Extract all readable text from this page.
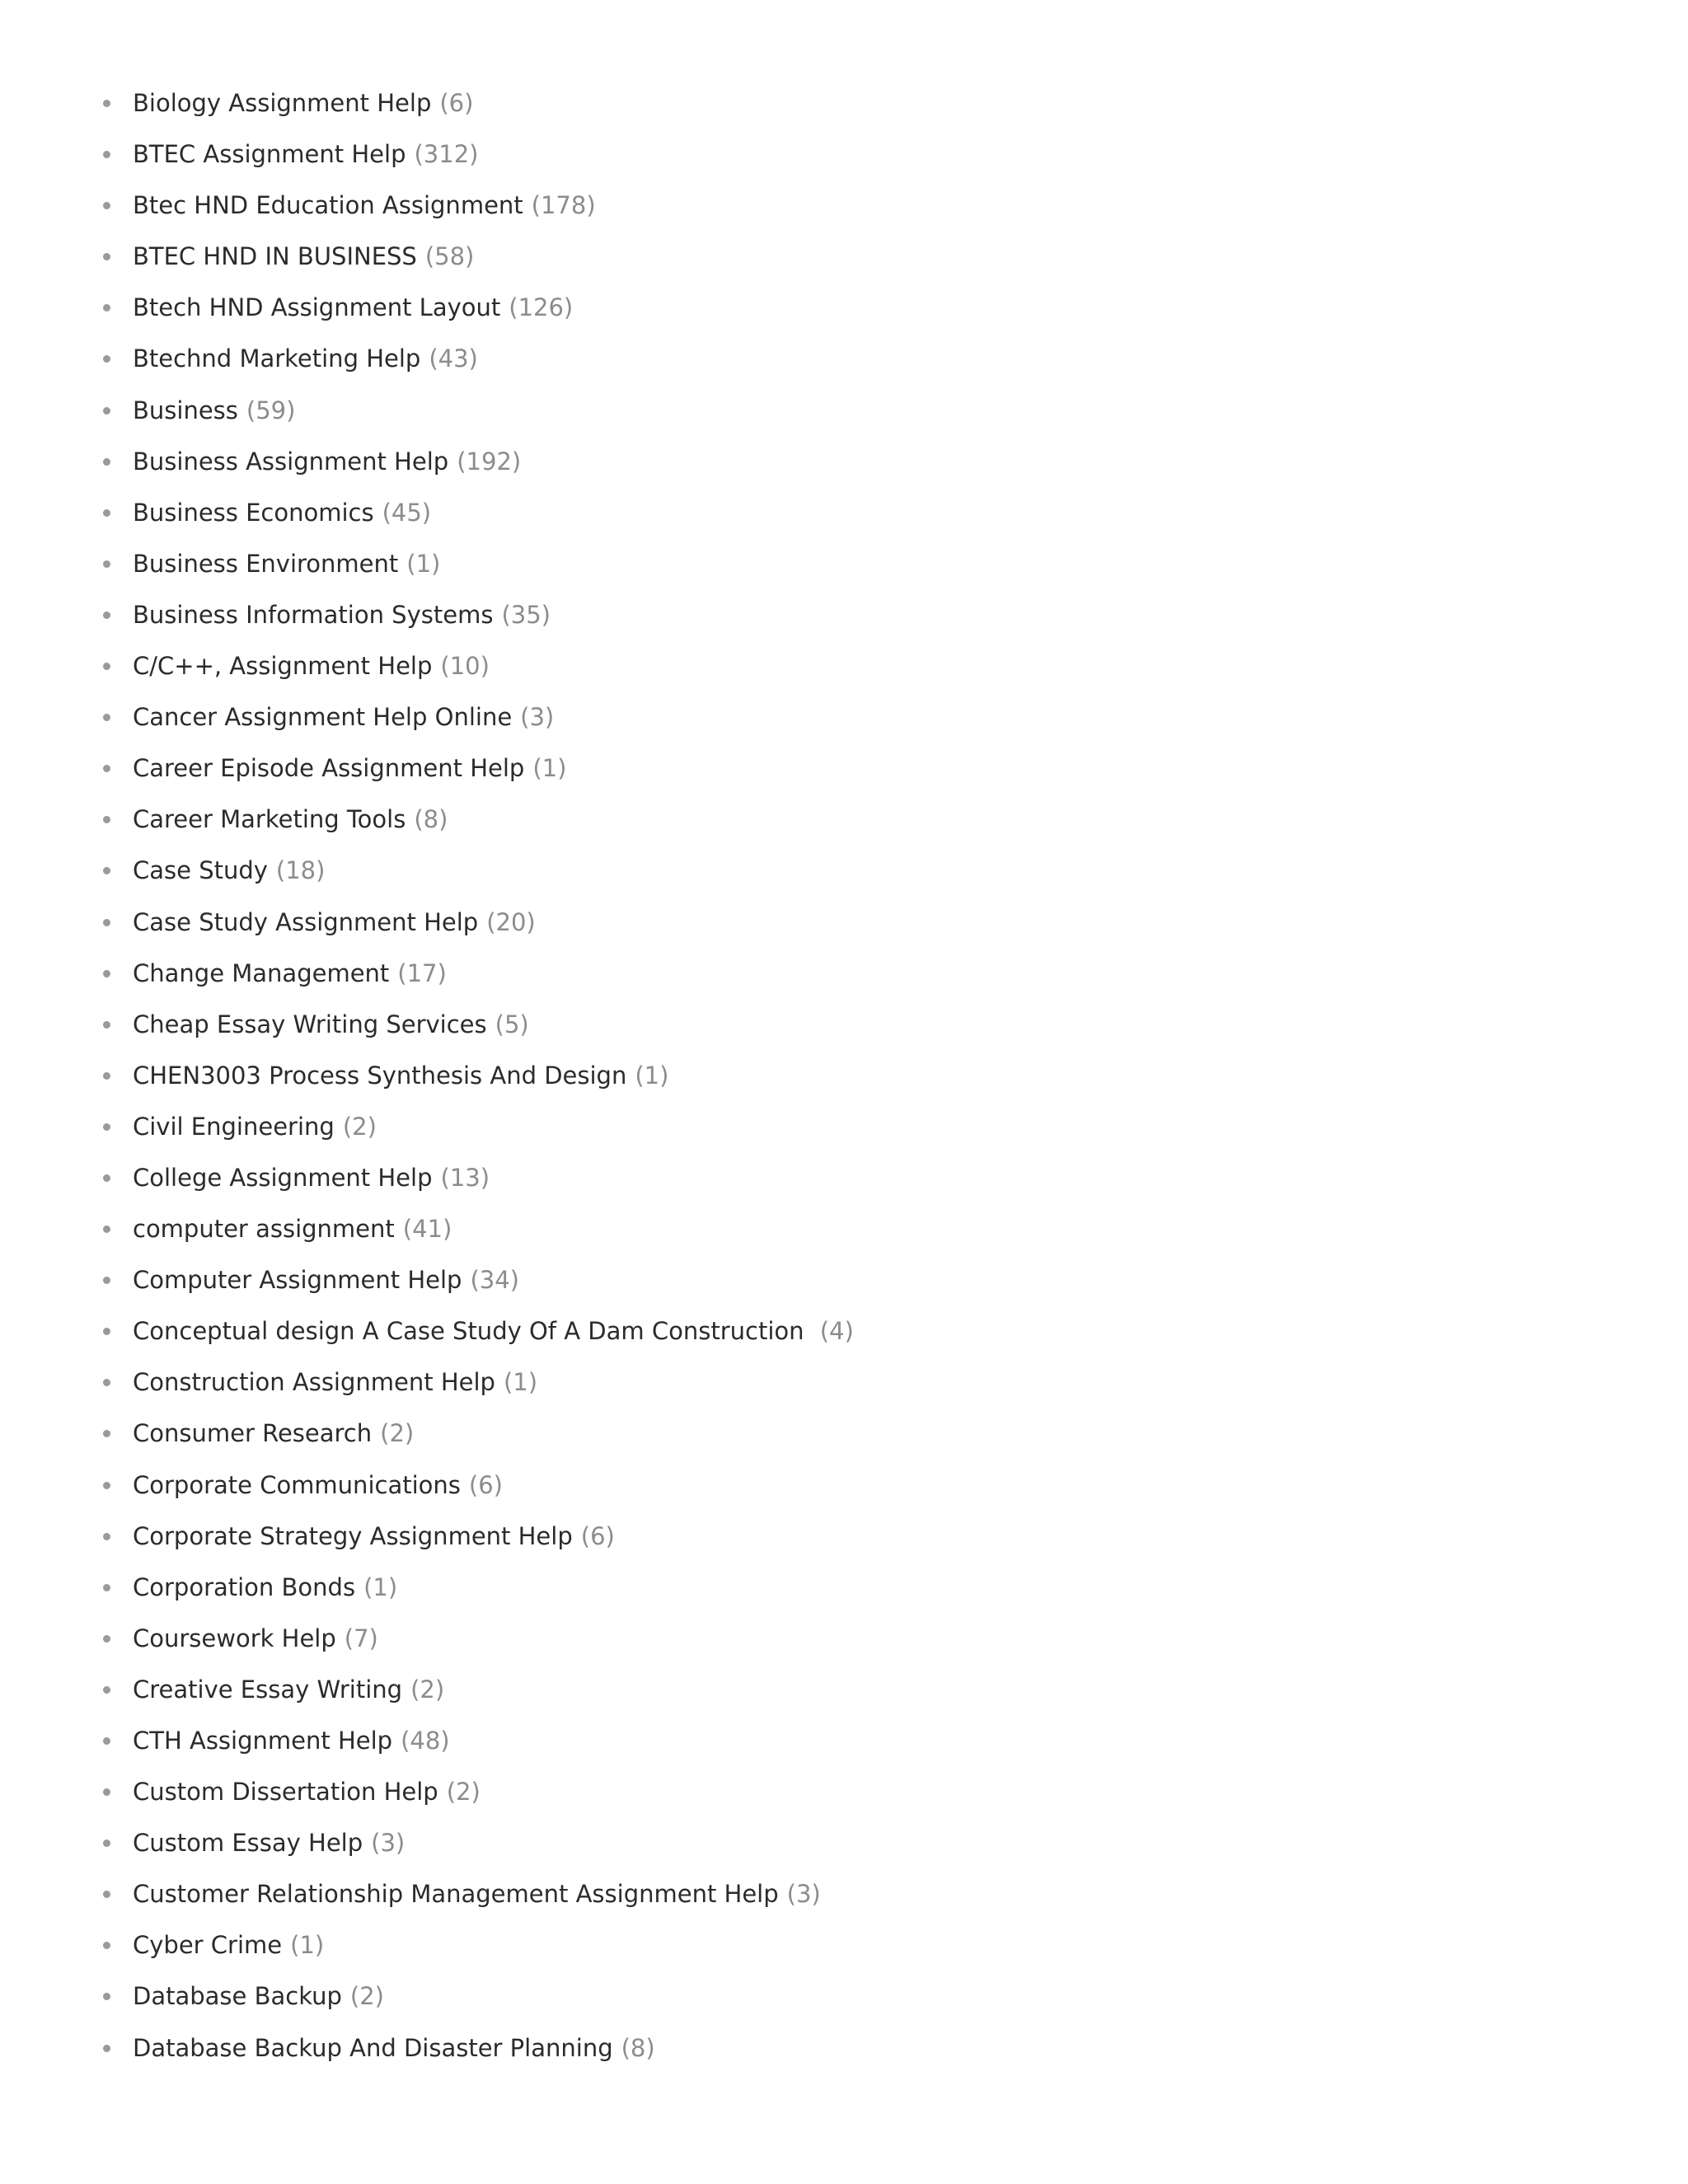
Biology Assignment Help (6)
BTEC Assignment Help (312)
Btec HND Education Assignment (178)
BTEC HND IN BUSINESS (58)
Btech HND Assignment Layout (126)
Btechnd Marketing Help (43)
Business (59)
Business Assignment Help (192)
Business Economics (45)
Business Environment (1)
Business Information Systems (35)
C/C++, Assignment Help (10)
Cancer Assignment Help Online (3)
Career Episode Assignment Help (1)
Career Marketing Tools (8)
Case Study (18)
Case Study Assignment Help (20)
Change Management (17)
Cheap Essay Writing Services (5)
CHEN3003 Process Synthesis And Design (1)
Civil Engineering (2)
College Assignment Help (13)
computer assignment (41)
Computer Assignment Help (34)
Conceptual design A Case Study Of A Dam Construction (4)
Construction Assignment Help (1)
Consumer Research (2)
Corporate Communications (6)
Corporate Strategy Assignment Help (6)
Corporation Bonds (1)
Coursework Help (7)
Creative Essay Writing (2)
CTH Assignment Help (48)
Custom Dissertation Help (2)
Custom Essay Help (3)
Customer Relationship Management Assignment Help (3)
Cyber Crime (1)
Database Backup (2)
Database Backup And Disaster Planning (8)
